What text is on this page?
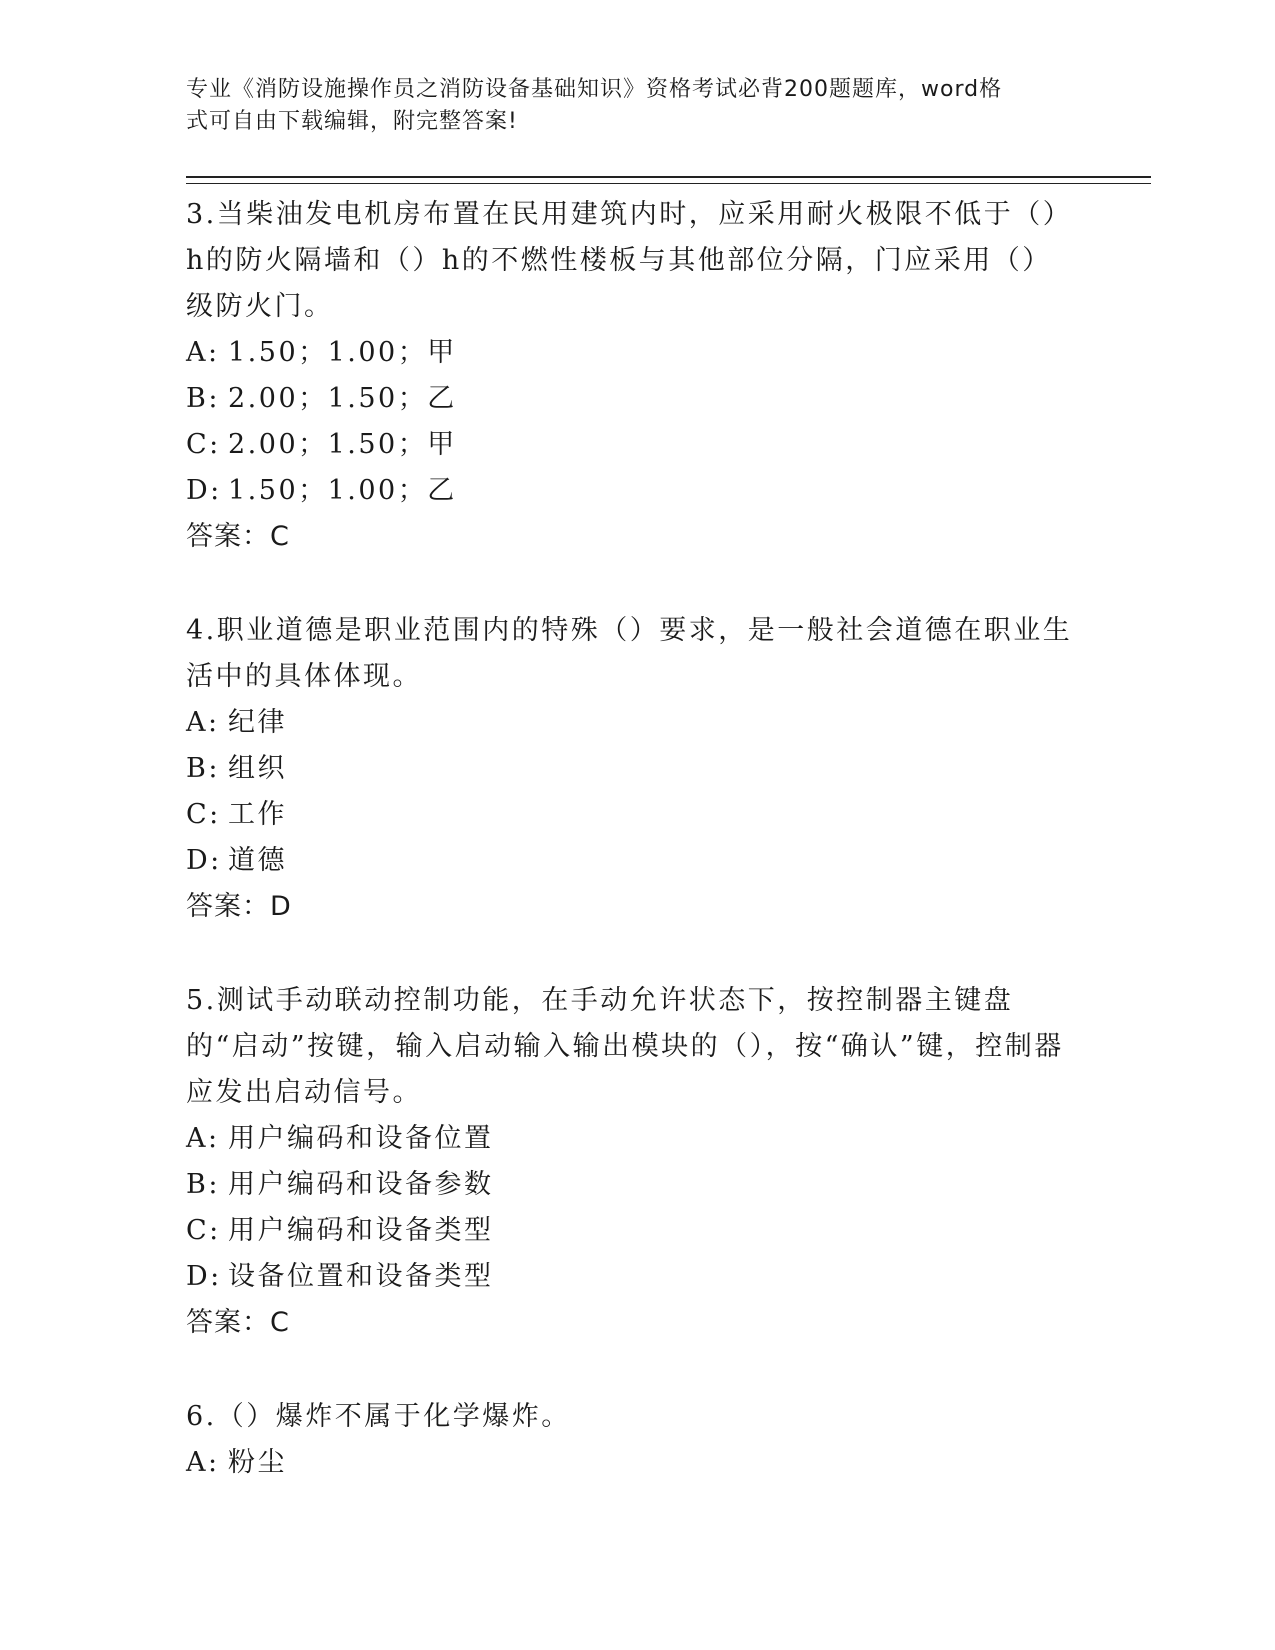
专业《消防设施操作员之消防设备基础知识》资格考试必背200题题库，word格
式可自由下载编辑，附完整答案!

3.当柴油发电机房布置在民用建筑内时，应采用耐火极限不低于（）h的防火隔墙和（）h的不燃性楼板与其他部位分隔，门应采用（）级防火门。

A: 1.50；1.00；甲
B: 2.00；1.50；乙
C: 2.00；1.50；甲
D: 1.50；1.00；乙

答案：C

4.职业道德是职业范围内的特殊（）要求，是一般社会道德在职业生活中的具体体现。

A: 纪律
B: 组织
C: 工作
D: 道德

答案：D

5.测试手动联动控制功能，在手动允许状态下，按控制器主键盘的“启动”按键，输入启动输入输出模块的（），按“确认”键，控制器应发出启动信号。

A: 用户编码和设备位置
B: 用户编码和设备参数
C: 用户编码和设备类型
D: 设备位置和设备类型

答案：C

6.（）爆炸不属于化学爆炸。

A: 粉尘
